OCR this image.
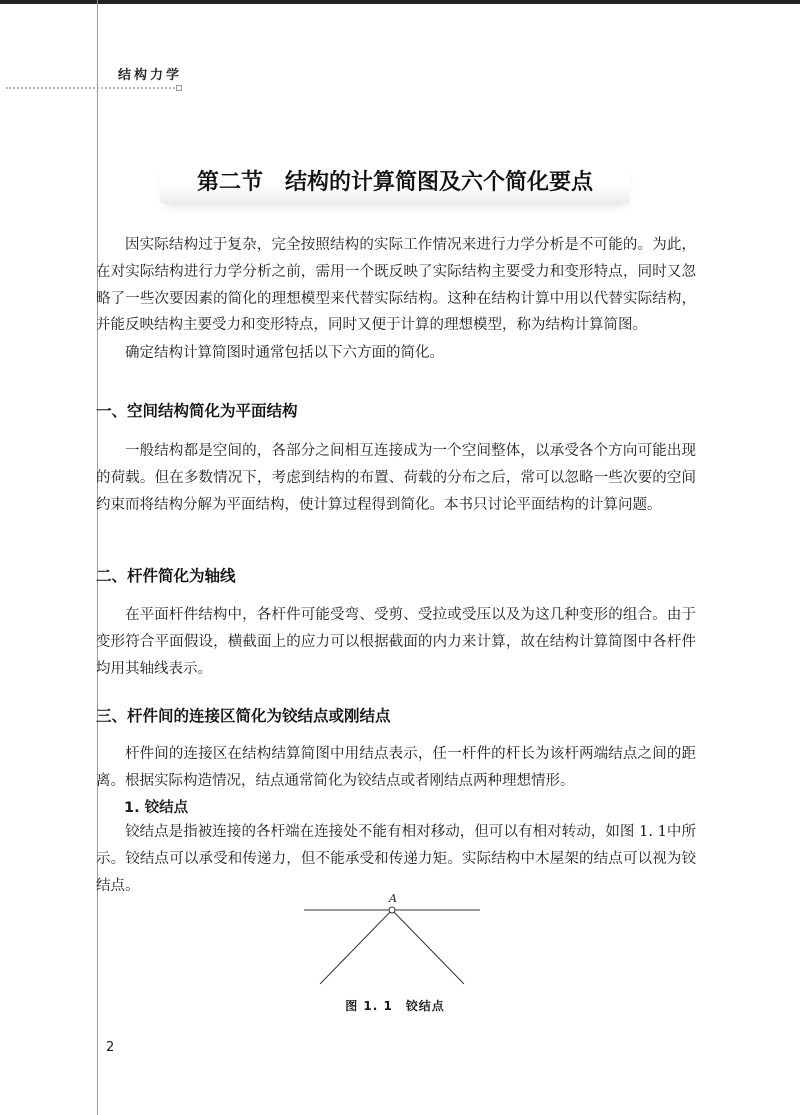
结构力学
第二节　结构的计算简图及六个简化要点

因实际结构过于复杂，完全按照结构的实际工作情况来进行力学分析是不可能的。为此，在对实际结构进行力学分析之前，需用一个既反映了实际结构主要受力和变形特点，同时又忽略了一些次要因素的简化的理想模型来代替实际结构。这种在结构计算中用以代替实际结构，并能反映结构主要受力和变形特点，同时又便于计算的理想模型，称为结构计算简图。

确定结构计算简图时通常包括以下六方面的简化。

一、空间结构简化为平面结构

一般结构都是空间的，各部分之间相互连接成为一个空间整体，以承受各个方向可能出现的荷载。但在多数情况下，考虑到结构的布置、荷载的分布之后，常可以忽略一些次要的空间约束而将结构分解为平面结构，使计算过程得到简化。本书只讨论平面结构的计算问题。

二、杆件简化为轴线

在平面杆件结构中，各杆件可能受弯、受剪、受拉或受压以及为这几种变形的组合。由于变形符合平面假设，横截面上的应力可以根据截面的内力来计算，故在结构计算简图中各杆件均用其轴线表示。

三、杆件间的连接区简化为铰结点或刚结点

杆件间的连接区在结构结算简图中用结点表示，任一杆件的杆长为该杆两端结点之间的距离。根据实际构造情况，结点通常简化为铰结点或者刚结点两种理想情形。

1. 铰结点

铰结点是指被连接的各杆端在连接处不能有相对移动，但可以有相对转动，如图 1. 1中所示。铰结点可以承受和传递力，但不能承受和传递力矩。实际结构中木屋架的结点可以视为铰结点。

A
图 1. 1　铰结点
2
